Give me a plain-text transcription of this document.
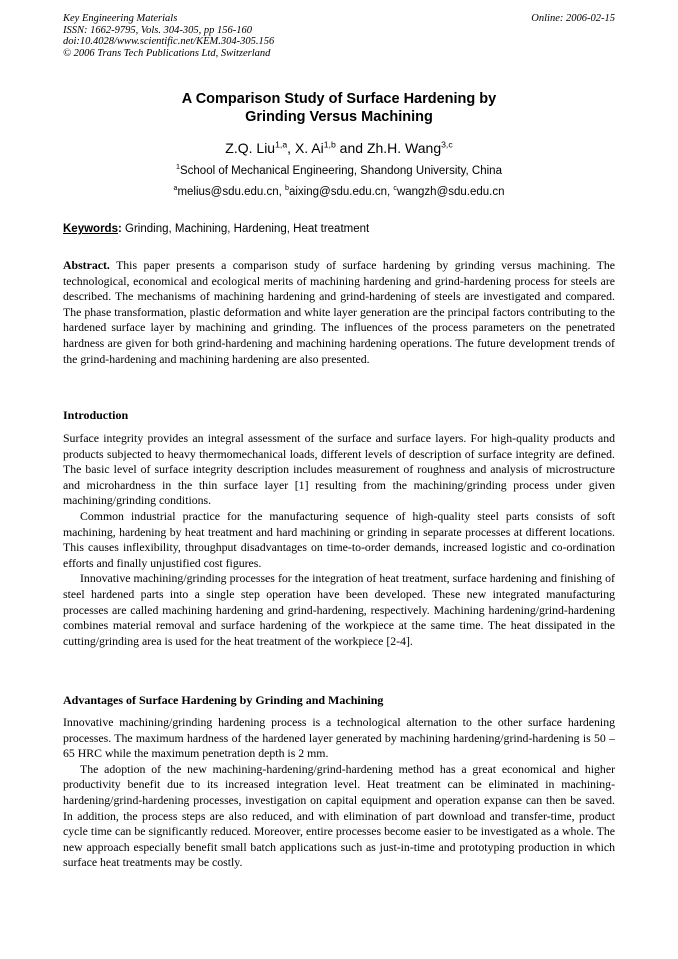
Key Engineering Materials
ISSN: 1662-9795, Vols. 304-305, pp 156-160
doi:10.4028/www.scientific.net/KEM.304-305.156
© 2006 Trans Tech Publications Ltd, Switzerland
Online: 2006-02-15
A Comparison Study of Surface Hardening by
Grinding Versus Machining
Z.Q. Liu$^{1,a}$, X. Ai$^{1,b}$ and Zh.H. Wang$^{3,c}$
$^1$School of Mechanical Engineering, Shandong University, China
$^a$melius@sdu.edu.cn, $^b$aixing@sdu.edu.cn, $^c$wangzh@sdu.edu.cn
Keywords: Grinding, Machining, Hardening, Heat treatment

Abstract. This paper presents a comparison study of surface hardening by grinding versus machining. The technological, economical and ecological merits of machining hardening and grind-hardening process for steels are described. The mechanisms of machining hardening and grind-hardening of steels are investigated and compared. The phase transformation, plastic deformation and white layer generation are the principal factors contributing to the hardened surface layer by machining and grinding. The influences of the process parameters on the penetrated hardness are given for both grind-hardening and machining hardening operations. The future development trends of the grind-hardening and machining hardening are also presented.

Introduction

Surface integrity provides an integral assessment of the surface and surface layers. For high-quality products and products subjected to heavy thermomechanical loads, different levels of description of surface integrity are defined. The basic level of surface integrity description includes measurement of roughness and analysis of microstructure and microhardness in the thin surface layer [1] resulting from the machining/grinding process under given machining/grinding conditions.

Common industrial practice for the manufacturing sequence of high-quality steel parts consists of soft machining, hardening by heat treatment and hard machining or grinding in separate processes at different locations. This causes inflexibility, throughput disadvantages on time-to-order demands, increased logistic and co-ordination efforts and finally unjustified cost figures.

Innovative machining/grinding processes for the integration of heat treatment, surface hardening and finishing of steel hardened parts into a single step operation have been developed. These new integrated manufacturing processes are called machining hardening and grind-hardening, respectively. Machining hardening/grind-hardening combines material removal and surface hardening of the workpiece at the same time. The heat dissipated in the cutting/grinding area is used for the heat treatment of the workpiece [2-4].

Advantages of Surface Hardening by Grinding and Machining

Innovative machining/grinding hardening process is a technological alternation to the other surface hardening processes. The maximum hardness of the hardened layer generated by machining hardening/grind-hardening is 50 – 65 HRC while the maximum penetration depth is 2 mm.

The adoption of the new machining-hardening/grind-hardening method has a great economical and higher productivity benefit due to its increased integration level. Heat treatment can be eliminated in machining-hardening/grind-hardening processes, investigation on capital equipment and operation expanse can then be saved. In addition, the process steps are also reduced, and with elimination of part download and transfer-time, product cycle time can be significantly reduced. Moreover, entire processes become easier to be investigated as a whole. The new approach especially benefit small batch applications such as just-in-time and prototyping production in which surface heat treatments may be costly.
